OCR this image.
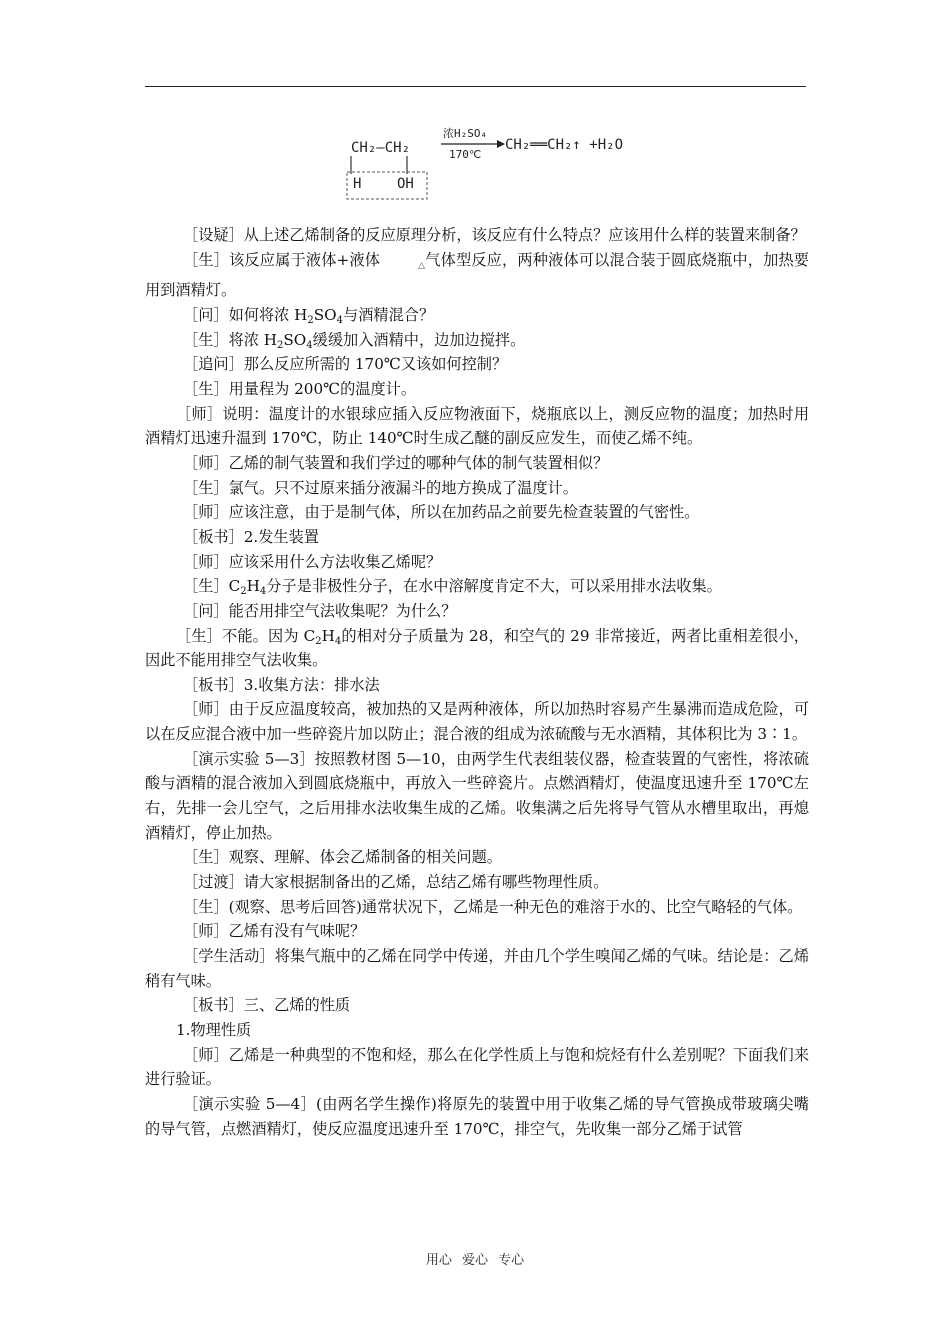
CH₂—CH₂
H	OH
浓H₂SO₄
170℃
CH₂══CH₂↑ +H₂O

［设疑］从上述乙烯制备的反应原理分析，该反应有什么特点？应该用什么样的装置来制备？

［生］该反应属于液体+液体	△气体型反应，两种液体可以混合装于圆底烧瓶中，加热要用到酒精灯。

［问］如何将浓 $H_2SO_4$与酒精混合？

［生］将浓 $H_2SO_4$缓缓加入酒精中，边加边搅拌。

［追问］那么反应所需的 170℃又该如何控制？

［生］用量程为 200℃的温度计。

［师］说明：温度计的水银球应插入反应物液面下，烧瓶底以上，测反应物的温度；加热时用酒精灯迅速升温到 170℃，防止 140℃时生成乙醚的副反应发生，而使乙烯不纯。

［师］乙烯的制气装置和我们学过的哪种气体的制气装置相似？

［生］氯气。只不过原来插分液漏斗的地方换成了温度计。

［师］应该注意，由于是制气体，所以在加药品之前要先检查装置的气密性。

［板书］2.发生装置

［师］应该采用什么方法收集乙烯呢？

［生$]C_2H_4$分子是非极性分子，在水中溶解度肯定不大，可以采用排水法收集。

［问］能否用排空气法收集呢？为什么？

［生］不能。因为 $C_2H_4$的相对分子质量为 28，和空气的 29 非常接近，两者比重相差很小，因此不能用排空气法收集。

［板书］3.收集方法：排水法

［师］由于反应温度较高，被加热的又是两种液体，所以加热时容易产生暴沸而造成危险，可以在反应混合液中加一些碎瓷片加以防止；混合液的组成为浓硫酸与无水酒精，其体积比为 3∶1。

［演示实验 5—3］按照教材图 5—10，由两学生代表组装仪器，检查装置的气密性，将浓硫酸与酒精的混合液加入到圆底烧瓶中，再放入一些碎瓷片。点燃酒精灯，使温度迅速升至 170℃左右，先排一会儿空气，之后用排水法收集生成的乙烯。收集满之后先将导气管从水槽里取出，再熄酒精灯，停止加热。

［生］观察、理解、体会乙烯制备的相关问题。

［过渡］请大家根据制备出的乙烯，总结乙烯有哪些物理性质。

［生］(观察、思考后回答)通常状况下，乙烯是一种无色的难溶于水的、比空气略轻的气体。

［师］乙烯有没有气味呢？

［学生活动］将集气瓶中的乙烯在同学中传递，并由几个学生嗅闻乙烯的气味。结论是：乙烯稍有气味。

［板书］三、乙烯的性质

1.物理性质

［师］乙烯是一种典型的不饱和烃，那么在化学性质上与饱和烷烃有什么差别呢？下面我们来进行验证。

［演示实验 5—4］(由两名学生操作)将原先的装置中用于收集乙烯的导气管换成带玻璃尖嘴的导气管，点燃酒精灯，使反应温度迅速升至 170℃，排空气，先收集一部分乙烯于试管

用心 爱心 专心
